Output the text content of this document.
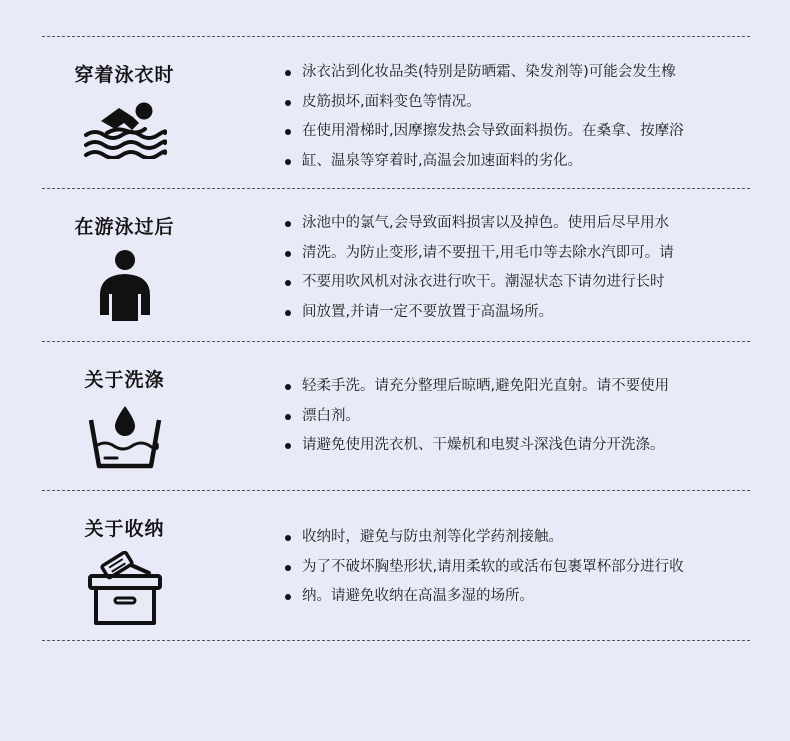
穿着泳衣时	泳衣沾到化妆品类(特别是防晒霜、染发剂等)可能会发生橡
皮筋损坏,面料变色等情况。
在使用滑梯时,因摩擦发热会导致面料损伤。在桑拿、按摩浴
缸、温泉等穿着时,高温会加速面料的劣化。
在游泳过后	泳池中的氯气,会导致面料损害以及掉色。使用后尽早用水
清洗。为防止变形,请不要扭干,用毛巾等去除水汽即可。请
不要用吹风机对泳衣进行吹干。潮湿状态下请勿进行长时
间放置,并请一定不要放置于高温场所。
关于洗涤	轻柔手洗。请充分整理后晾晒,避免阳光直射。请不要使用
漂白剂。
请避免使用洗衣机、干燥机和电熨斗深浅色请分开洗涤。
关于收纳	收纳时，避免与防虫剂等化学药剂接触。
为了不破坏胸垫形状,请用柔软的或活布包裹罩杯部分进行收
纳。请避免收纳在高温多湿的场所。
